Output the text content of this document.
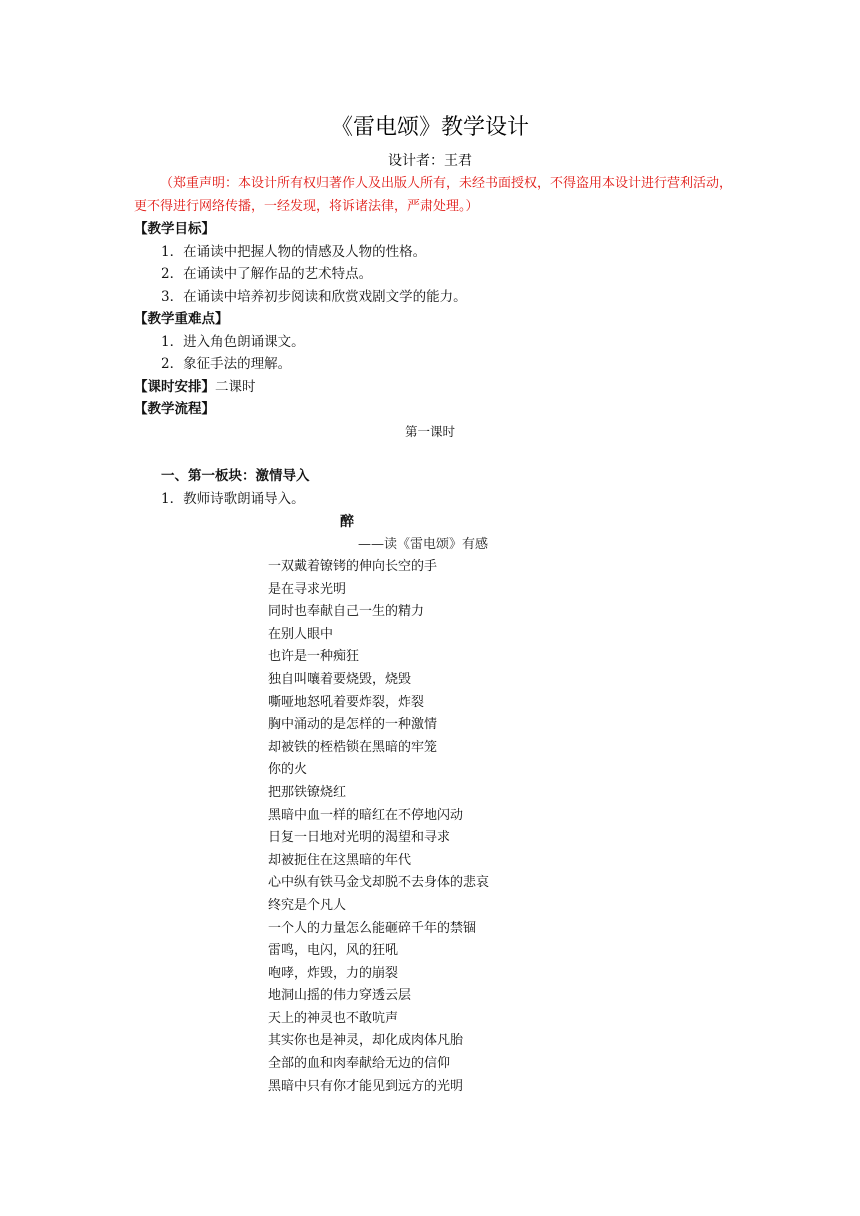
《雷电颂》教学设计
设计者：王君
（郑重声明：本设计所有权归著作人及出版人所有，未经书面授权，不得盗用本设计进行营利活动，更不得进行网络传播，一经发现，将诉诸法律，严肃处理。）
【教学目标】
1．在诵读中把握人物的情感及人物的性格。
2．在诵读中了解作品的艺术特点。
3．在诵读中培养初步阅读和欣赏戏剧文学的能力。
【教学重难点】
1．进入角色朗诵课文。
2．象征手法的理解。
【课时安排】二课时
【教学流程】
第一课时
一、第一板块：激情导入
1．教师诗歌朗诵导入。
醉
——读《雷电颂》有感
一双戴着镣铐的伸向长空的手
是在寻求光明
同时也奉献自己一生的精力
在别人眼中
也许是一种痴狂
独自叫嚷着要烧毁，烧毁
嘶哑地怒吼着要炸裂，炸裂
胸中涌动的是怎样的一种激情
却被铁的桎梏锁在黑暗的牢笼
你的火
把那铁镣烧红
黑暗中血一样的暗红在不停地闪动
日复一日地对光明的渴望和寻求
却被扼住在这黑暗的年代
心中纵有铁马金戈却脱不去身体的悲哀
终究是个凡人
一个人的力量怎么能砸碎千年的禁锢
雷鸣，电闪，风的狂吼
咆哮，炸毁，力的崩裂
地洞山摇的伟力穿透云层
天上的神灵也不敢吭声
其实你也是神灵，却化成肉体凡胎
全部的血和肉奉献给无边的信仰
黑暗中只有你才能见到远方的光明
